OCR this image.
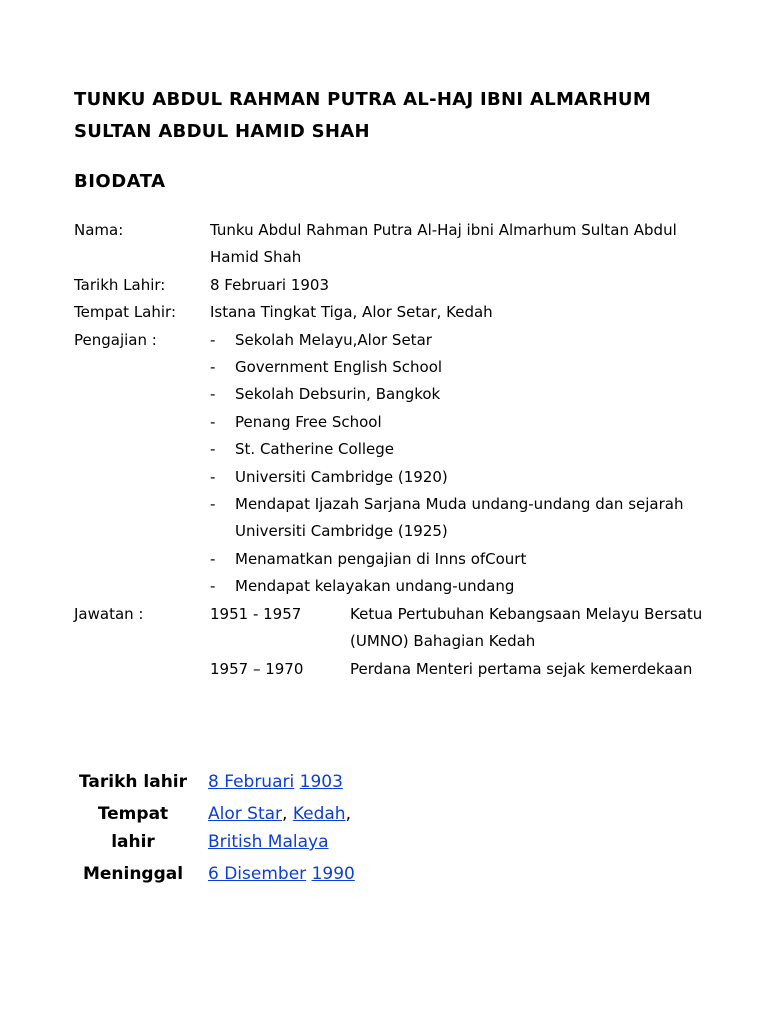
TUNKU ABDUL RAHMAN PUTRA AL-HAJ IBNI ALMARHUM SULTAN ABDUL HAMID SHAH
BIODATA
Nama:	Tunku Abdul Rahman Putra Al-Haj ibni Almarhum Sultan Abdul Hamid Shah
Tarikh Lahir:	8 Februari 1903
Tempat Lahir:	Istana Tingkat Tiga, Alor Setar, Kedah
Pengajian :	-	Sekolah Melayu,Alor Setar
-	Government English School
-	Sekolah Debsurin, Bangkok
-	Penang Free School
-	St. Catherine College
-	Universiti Cambridge (1920)
-	Mendapat Ijazah Sarjana Muda undang-undang dan sejarah Universiti Cambridge (1925)
-	Menamatkan pengajian di Inns ofCourt
-	Mendapat kelayakan undang-undang
Jawatan :	1951 - 1957	Ketua Pertubuhan Kebangsaan Melayu Bersatu (UMNO) Bahagian Kedah
1957 – 1970	Perdana Menteri pertama sejak kemerdekaan
Tarikh lahir 8 Februari 1903
Tempat lahir
Alor Star, Kedah,
British Malaya
Meninggal 6 Disember 1990
